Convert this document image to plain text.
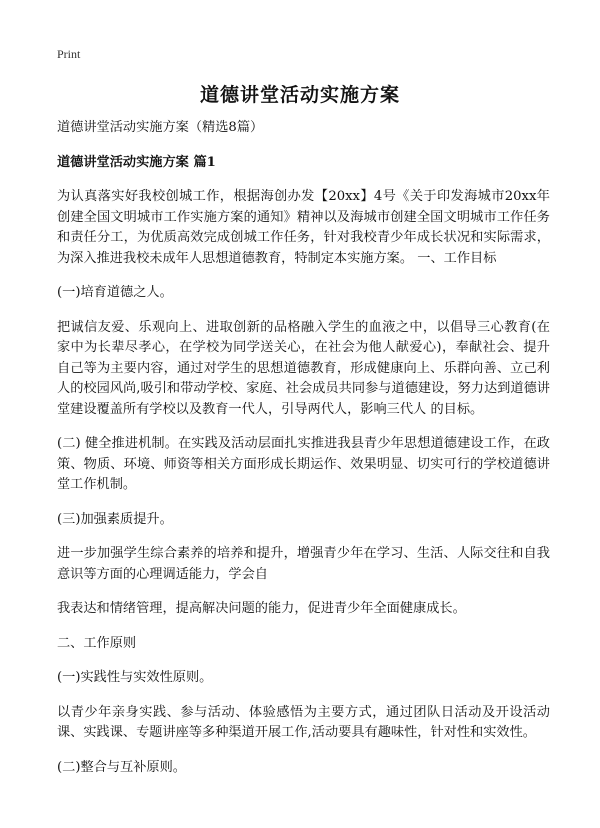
Print
道德讲堂活动实施方案

道德讲堂活动实施方案（精选8篇）

道德讲堂活动实施方案 篇1

为认真落实好我校创城工作，根据海创办发【20xx】4号《关于印发海城市20xx年创建全国文明城市工作实施方案的通知》精神以及海城市创建全国文明城市工作任务和责任分工，为优质高效完成创城工作任务，针对我校青少年成长状况和实际需求，为深入推进我校未成年人思想道德教育，特制定本实施方案。 一、工作目标

(一)培育道德之人。

把诚信友爱、乐观向上、进取创新的品格融入学生的血液之中，以倡导三心教育(在家中为长辈尽孝心，在学校为同学送关心，在社会为他人献爱心)，奉献社会、提升自己等为主要内容，通过对学生的思想道德教育，形成健康向上、乐群向善、立己利人的校园风尚,吸引和带动学校、家庭、社会成员共同参与道德建设，努力达到道德讲堂建设覆盖所有学校以及教育一代人，引导两代人，影响三代人 的目标。

(二) 健全推进机制。在实践及活动层面扎实推进我县青少年思想道德建设工作，在政策、物质、环境、师资等相关方面形成长期运作、效果明显、切实可行的学校道德讲堂工作机制。

(三)加强素质提升。

进一步加强学生综合素养的培养和提升，增强青少年在学习、生活、人际交往和自我意识等方面的心理调适能力，学会自

我表达和情绪管理，提高解决问题的能力，促进青少年全面健康成长。

二、工作原则

(一)实践性与实效性原则。

以青少年亲身实践、参与活动、体验感悟为主要方式，通过团队日活动及开设活动课、实践课、专题讲座等多种渠道开展工作,活动要具有趣味性，针对性和实效性。

(二)整合与互补原则。
